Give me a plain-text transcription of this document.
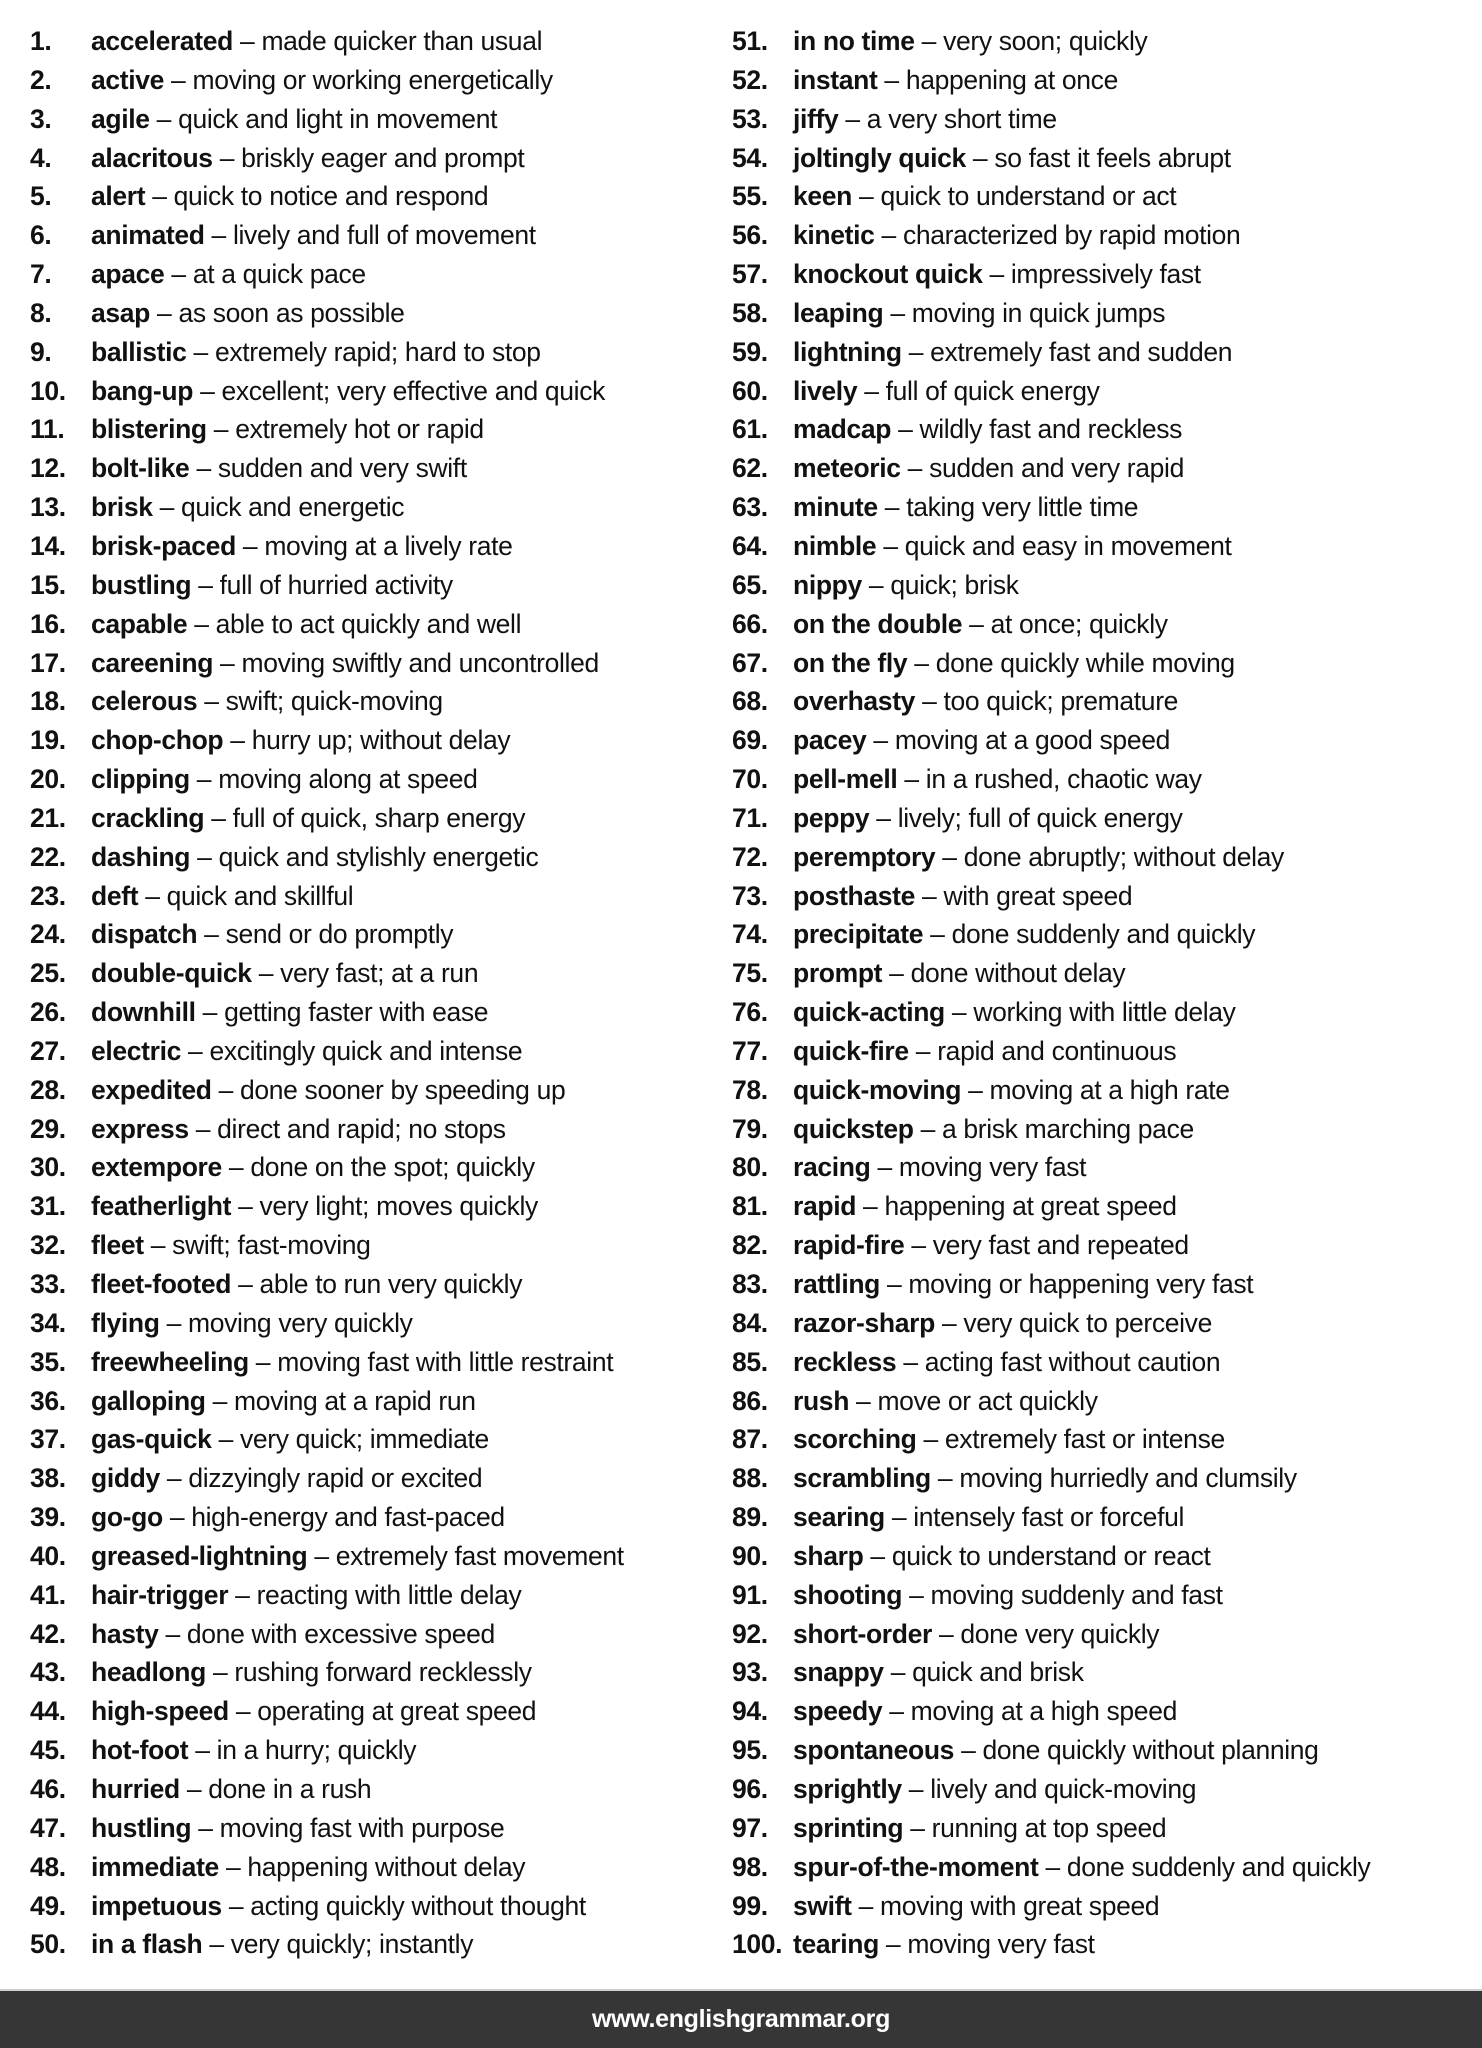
1. accelerated – made quicker than usual
2. active – moving or working energetically
3. agile – quick and light in movement
4. alacritous – briskly eager and prompt
5. alert – quick to notice and respond
6. animated – lively and full of movement
7. apace – at a quick pace
8. asap – as soon as possible
9. ballistic – extremely rapid; hard to stop
10. bang-up – excellent; very effective and quick
11. blistering – extremely hot or rapid
12. bolt-like – sudden and very swift
13. brisk – quick and energetic
14. brisk-paced – moving at a lively rate
15. bustling – full of hurried activity
16. capable – able to act quickly and well
17. careening – moving swiftly and uncontrolled
18. celerous – swift; quick-moving
19. chop-chop – hurry up; without delay
20. clipping – moving along at speed
21. crackling – full of quick, sharp energy
22. dashing – quick and stylishly energetic
23. deft – quick and skillful
24. dispatch – send or do promptly
25. double-quick – very fast; at a run
26. downhill – getting faster with ease
27. electric – excitingly quick and intense
28. expedited – done sooner by speeding up
29. express – direct and rapid; no stops
30. extempore – done on the spot; quickly
31. featherlight – very light; moves quickly
32. fleet – swift; fast-moving
33. fleet-footed – able to run very quickly
34. flying – moving very quickly
35. freewheeling – moving fast with little restraint
36. galloping – moving at a rapid run
37. gas-quick – very quick; immediate
38. giddy – dizzyingly rapid or excited
39. go-go – high-energy and fast-paced
40. greased-lightning – extremely fast movement
41. hair-trigger – reacting with little delay
42. hasty – done with excessive speed
43. headlong – rushing forward recklessly
44. high-speed – operating at great speed
45. hot-foot – in a hurry; quickly
46. hurried – done in a rush
47. hustling – moving fast with purpose
48. immediate – happening without delay
49. impetuous – acting quickly without thought
50. in a flash – very quickly; instantly
51. in no time – very soon; quickly
52. instant – happening at once
53. jiffy – a very short time
54. joltingly quick – so fast it feels abrupt
55. keen – quick to understand or act
56. kinetic – characterized by rapid motion
57. knockout quick – impressively fast
58. leaping – moving in quick jumps
59. lightning – extremely fast and sudden
60. lively – full of quick energy
61. madcap – wildly fast and reckless
62. meteoric – sudden and very rapid
63. minute – taking very little time
64. nimble – quick and easy in movement
65. nippy – quick; brisk
66. on the double – at once; quickly
67. on the fly – done quickly while moving
68. overhasty – too quick; premature
69. pacey – moving at a good speed
70. pell-mell – in a rushed, chaotic way
71. peppy – lively; full of quick energy
72. peremptory – done abruptly; without delay
73. posthaste – with great speed
74. precipitate – done suddenly and quickly
75. prompt – done without delay
76. quick-acting – working with little delay
77. quick-fire – rapid and continuous
78. quick-moving – moving at a high rate
79. quickstep – a brisk marching pace
80. racing – moving very fast
81. rapid – happening at great speed
82. rapid-fire – very fast and repeated
83. rattling – moving or happening very fast
84. razor-sharp – very quick to perceive
85. reckless – acting fast without caution
86. rush – move or act quickly
87. scorching – extremely fast or intense
88. scrambling – moving hurriedly and clumsily
89. searing – intensely fast or forceful
90. sharp – quick to understand or react
91. shooting – moving suddenly and fast
92. short-order – done very quickly
93. snappy – quick and brisk
94. speedy – moving at a high speed
95. spontaneous – done quickly without planning
96. sprightly – lively and quick-moving
97. sprinting – running at top speed
98. spur-of-the-moment – done suddenly and quickly
99. swift – moving with great speed
100. tearing – moving very fast
www.englishgrammar.org
